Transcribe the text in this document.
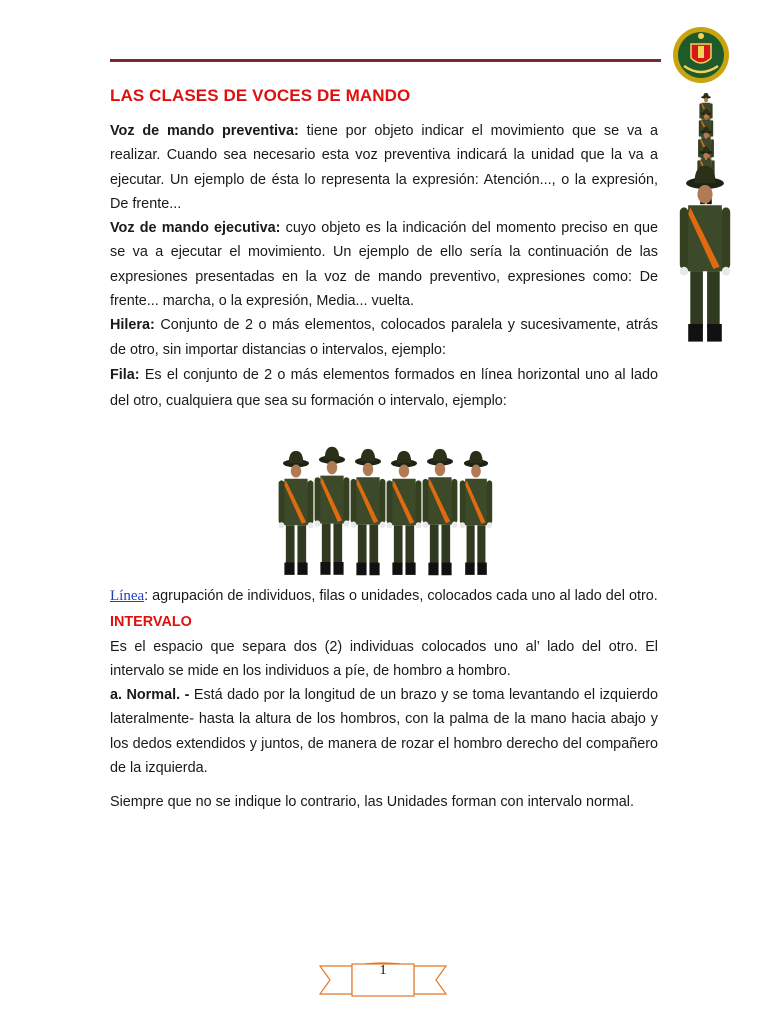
LAS CLASES DE VOCES DE MANDO

Voz de mando preventiva: tiene por objeto indicar el movimiento que se va a realizar. Cuando sea necesario esta voz preventiva indicará la unidad que la va a ejecutar. Un ejemplo de ésta lo representa la expresión: Atención..., o la expresión, De frente...

Voz de mando ejecutiva: cuyo objeto es la indicación del momento preciso en que se va a ejecutar el movimiento. Un ejemplo de ello sería la continuación de las expresiones presentadas en la voz de mando preventivo, expresiones como: De frente... marcha, o la expresión, Media... vuelta.

Hilera: Conjunto de 2 o más elementos, colocados paralela y sucesivamente, atrás de otro, sin importar distancias o intervalos, ejemplo:

Fila: Es el conjunto de 2 o más elementos formados en línea horizontal uno al lado del otro, cualquiera que sea su formación o intervalo, ejemplo:

Línea: agrupación de individuos, filas o unidades, colocados cada uno al lado del otro.

INTERVALO

Es el espacio que separa dos (2) individuas colocados uno al’ lado del otro. El intervalo se mide en los individuos a píe, de hombro a hombro.

a. Normal. - Está dado por la longitud de un brazo y se toma levantando el izquierdo lateralmente- hasta la altura de los hombros, con la palma de la mano hacia abajo y los dedos extendidos y juntos, de manera de rozar el hombro derecho del compañero de la izquierda.

Siempre que no se indique lo contrario, las Unidades forman con intervalo normal.

1
